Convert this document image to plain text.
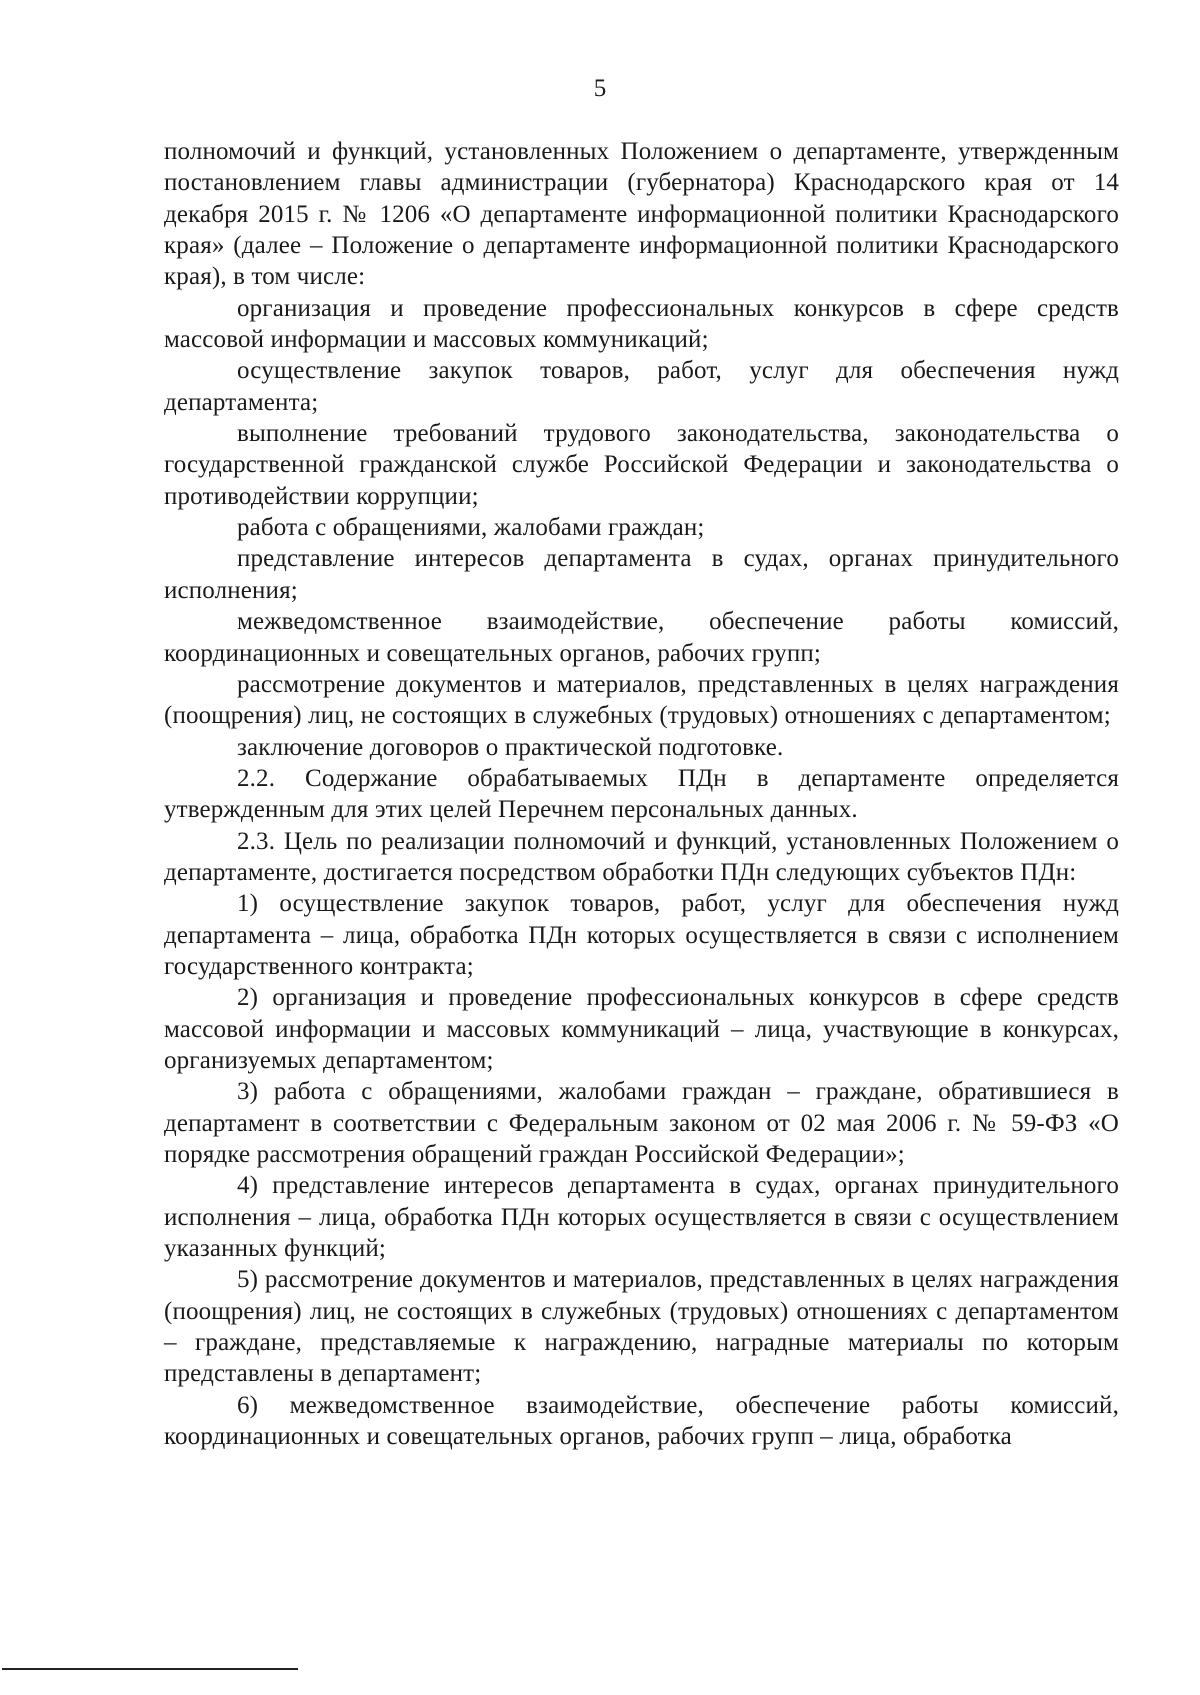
5

полномочий и функций, установленных Положением о департаменте, утвержденным постановлением главы администрации (губернатора) Краснодарского края от 14 декабря 2015 г. № 1206 «О департаменте информационной политики Краснодарского края» (далее – Положение о департаменте информационной политики Краснодарского края), в том числе:

организация и проведение профессиональных конкурсов в сфере средств массовой информации и массовых коммуникаций;

осуществление закупок товаров, работ, услуг для обеспечения нужд департамента;

выполнение требований трудового законодательства, законодательства о государственной гражданской службе Российской Федерации и законодательства о противодействии коррупции;

работа с обращениями, жалобами граждан;

представление интересов департамента в судах, органах принудительного исполнения;

межведомственное взаимодействие, обеспечение работы комиссий, координационных и совещательных органов, рабочих групп;

рассмотрение документов и материалов, представленных в целях награждения (поощрения) лиц, не состоящих в служебных (трудовых) отношениях с департаментом;

заключение договоров о практической подготовке.

2.2. Содержание обрабатываемых ПДн в департаменте определяется утвержденным для этих целей Перечнем персональных данных.

2.3. Цель по реализации полномочий и функций, установленных Положением о департаменте, достигается посредством обработки ПДн следующих субъектов ПДн:

1) осуществление закупок товаров, работ, услуг для обеспечения нужд департамента – лица, обработка ПДн которых осуществляется в связи с исполнением государственного контракта;

2) организация и проведение профессиональных конкурсов в сфере средств массовой информации и массовых коммуникаций – лица, участвующие в конкурсах, организуемых департаментом;

3) работа с обращениями, жалобами граждан – граждане, обратившиеся в департамент в соответствии с Федеральным законом от 02 мая 2006 г. № 59-ФЗ «О порядке рассмотрения обращений граждан Российской Федерации»;

4) представление интересов департамента в судах, органах принудительного исполнения – лица, обработка ПДн которых осуществляется в связи с осуществлением указанных функций;

5) рассмотрение документов и материалов, представленных в целях награждения (поощрения) лиц, не состоящих в служебных (трудовых) отношениях с департаментом – граждане, представляемые к награждению, наградные материалы по которым представлены в департамент;

6) межведомственное взаимодействие, обеспечение работы комиссий, координационных и совещательных органов, рабочих групп – лица, обработка
